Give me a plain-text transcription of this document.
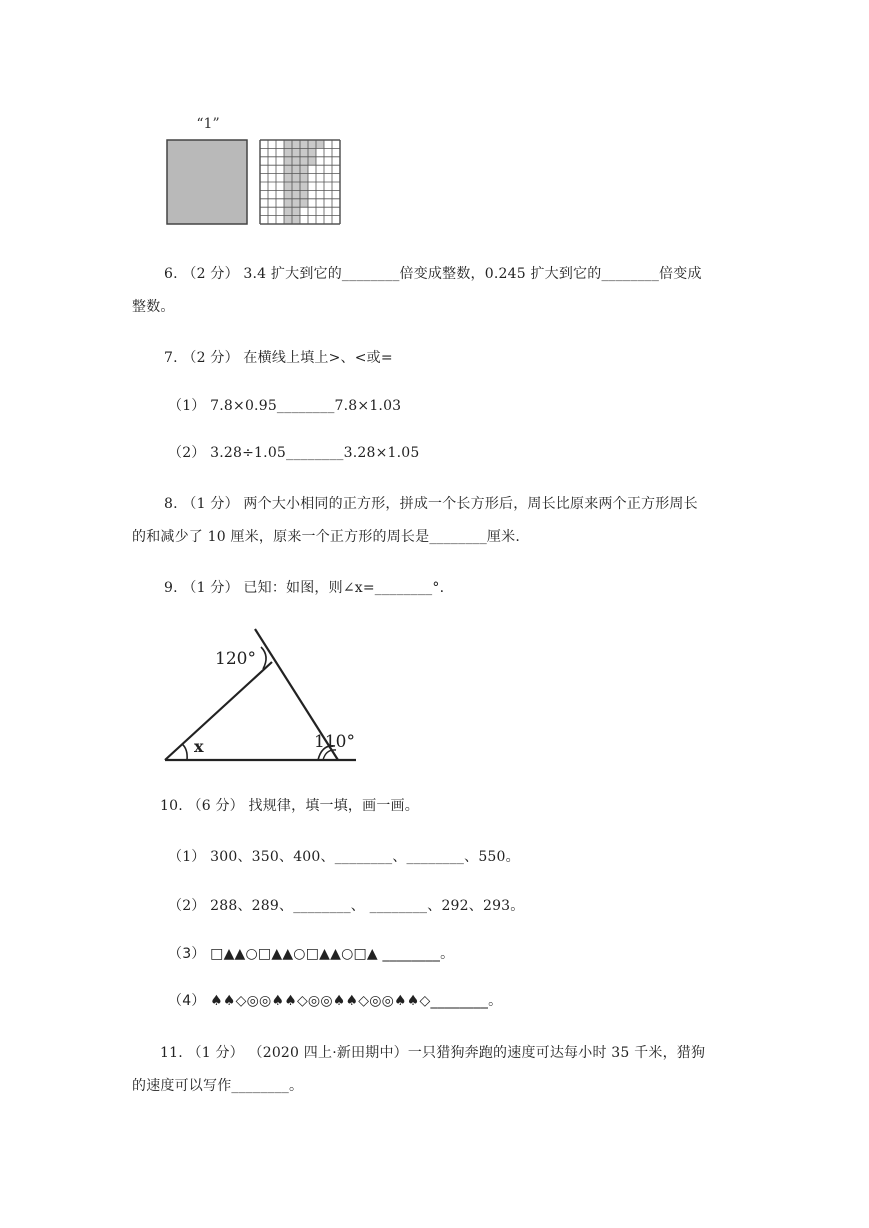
“1”
6. （2 分） 3.4 扩大到它的________倍变成整数，0.245 扩大到它的________倍变成
整数。
7. （2 分） 在横线上填上>、<或=
（1） 7.8×0.95________7.8×1.03
（2） 3.28÷1.05________3.28×1.05
8. （1 分） 两个大小相同的正方形，拼成一个长方形后，周长比原来两个正方形周长
的和减少了 10 厘米，原来一个正方形的周长是________厘米.
9. （1 分） 已知：如图，则∠x=________°.
120°
110°
x
10. （6 分） 找规律，填一填，画一画。
（1） 300、350、400、________、________、550。
（2） 288、289、________、 ________、292、293。
（3） □▲▲○□▲▲○□▲▲○□▲ ________。
（4） ♠♠◇◎◎♠♠◇◎◎♠♠◇◎◎♠♠◇________。
11. （1 分） （2020 四上·新田期中）一只猎狗奔跑的速度可达每小时 35 千米，猎狗
的速度可以写作________。
